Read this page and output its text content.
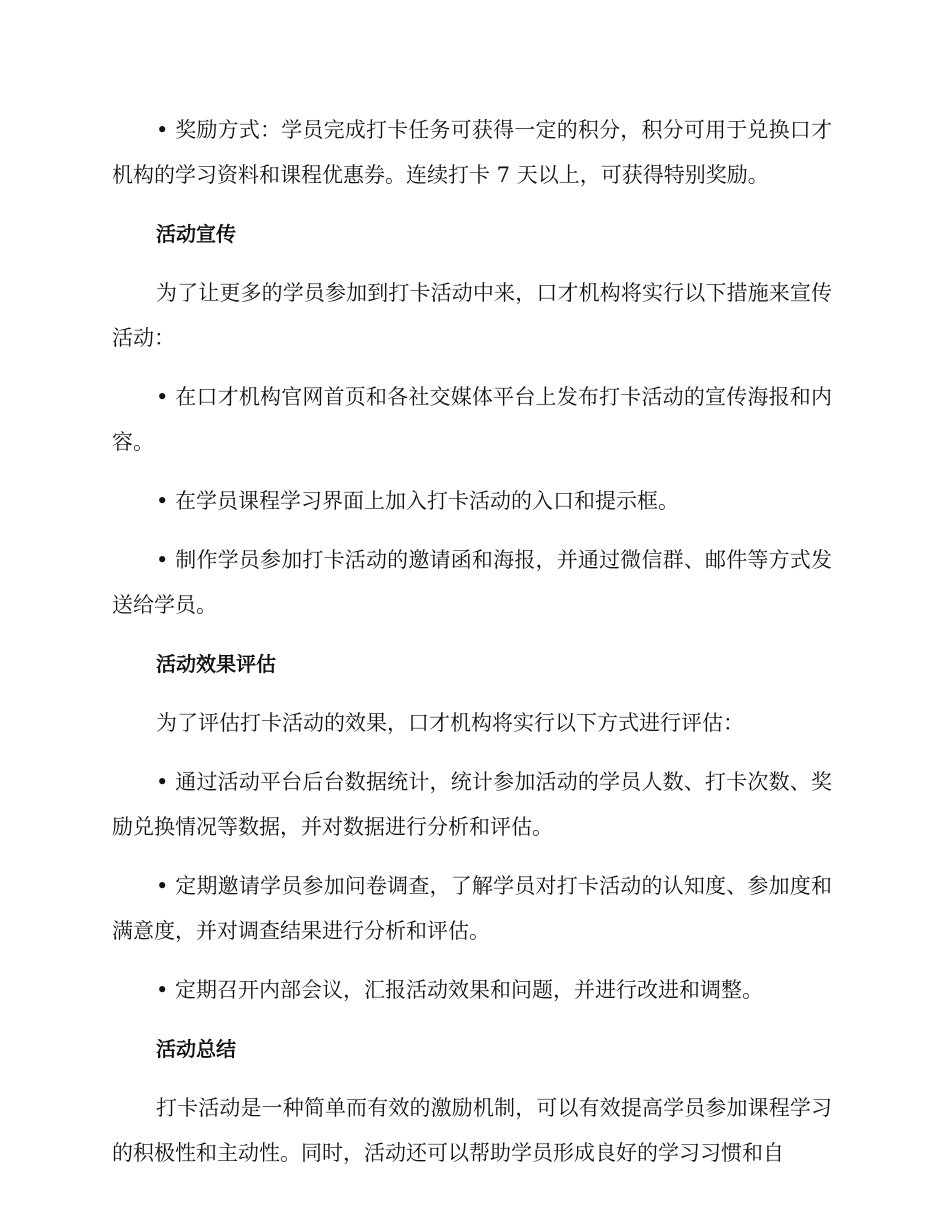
• 奖励方式：学员完成打卡任务可获得一定的积分，积分可用于兑换口才机构的学习资料和课程优惠券。连续打卡 7 天以上，可获得特别奖励。

活动宣传

为了让更多的学员参加到打卡活动中来，口才机构将实行以下措施来宣传活动：

• 在口才机构官网首页和各社交媒体平台上发布打卡活动的宣传海报和内容。

• 在学员课程学习界面上加入打卡活动的入口和提示框。

• 制作学员参加打卡活动的邀请函和海报，并通过微信群、邮件等方式发送给学员。

活动效果评估

为了评估打卡活动的效果，口才机构将实行以下方式进行评估：

• 通过活动平台后台数据统计，统计参加活动的学员人数、打卡次数、奖励兑换情况等数据，并对数据进行分析和评估。

• 定期邀请学员参加问卷调查，了解学员对打卡活动的认知度、参加度和满意度，并对调查结果进行分析和评估。

• 定期召开内部会议，汇报活动效果和问题，并进行改进和调整。

活动总结

打卡活动是一种简单而有效的激励机制，可以有效提高学员参加课程学习的积极性和主动性。同时，活动还可以帮助学员形成良好的学习习惯和自
